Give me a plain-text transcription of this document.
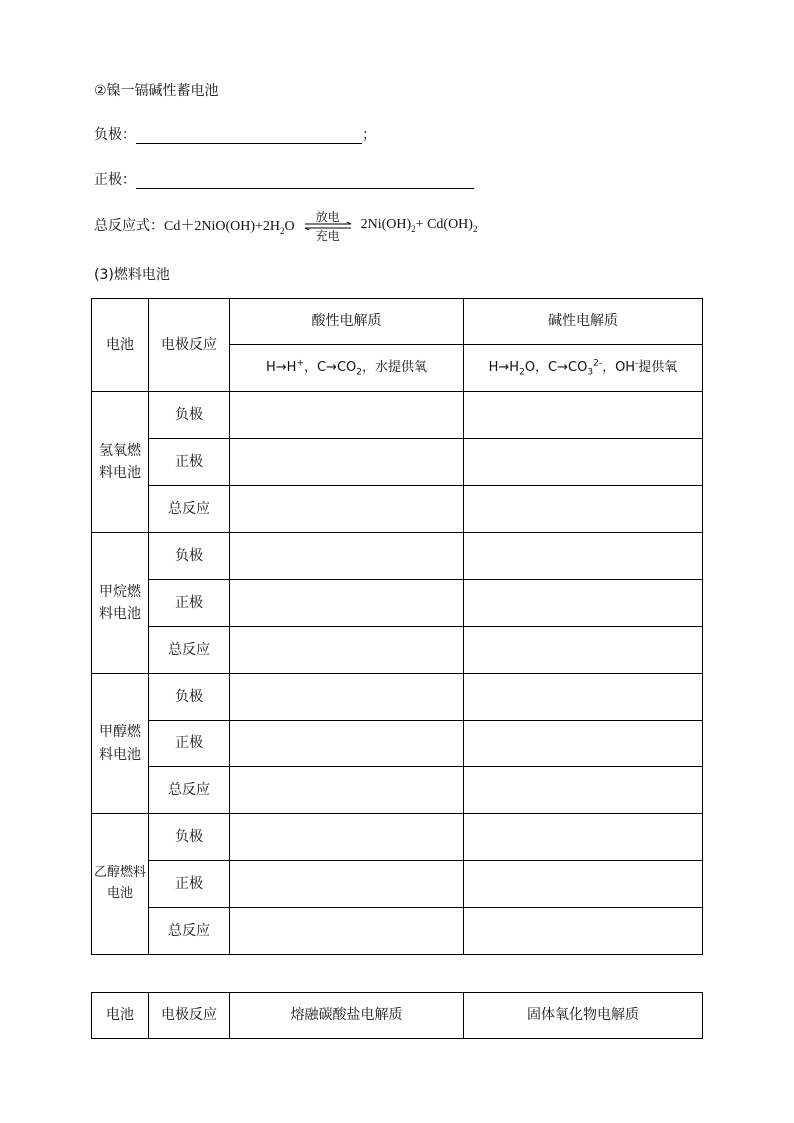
②镍一镉碱性蓄电池
负极：	；
正极：
总反应式：$Cd+2NiO(OH)+2H_2O$
放电
充电
$2Ni(OH)_2+ Cd(OH)_2$
(3)燃料电池
电池	电极反应	酸性电解质	碱性电解质
		H→H+，$C\to CO_2$，水提供氧	$H\to H_2O$，$C\to CO_3^{2-}$，OH-提供氧
氢氧燃
料电池	负极		
	正极		
	总反应		
甲烷燃
料电池	负极		
	正极		
	总反应		
甲醇燃
料电池	负极		
	正极		
	总反应		
乙醇燃料
电池	负极		
	正极		
	总反应		
电池	电极反应	熔融碳酸盐电解质	固体氧化物电解质
